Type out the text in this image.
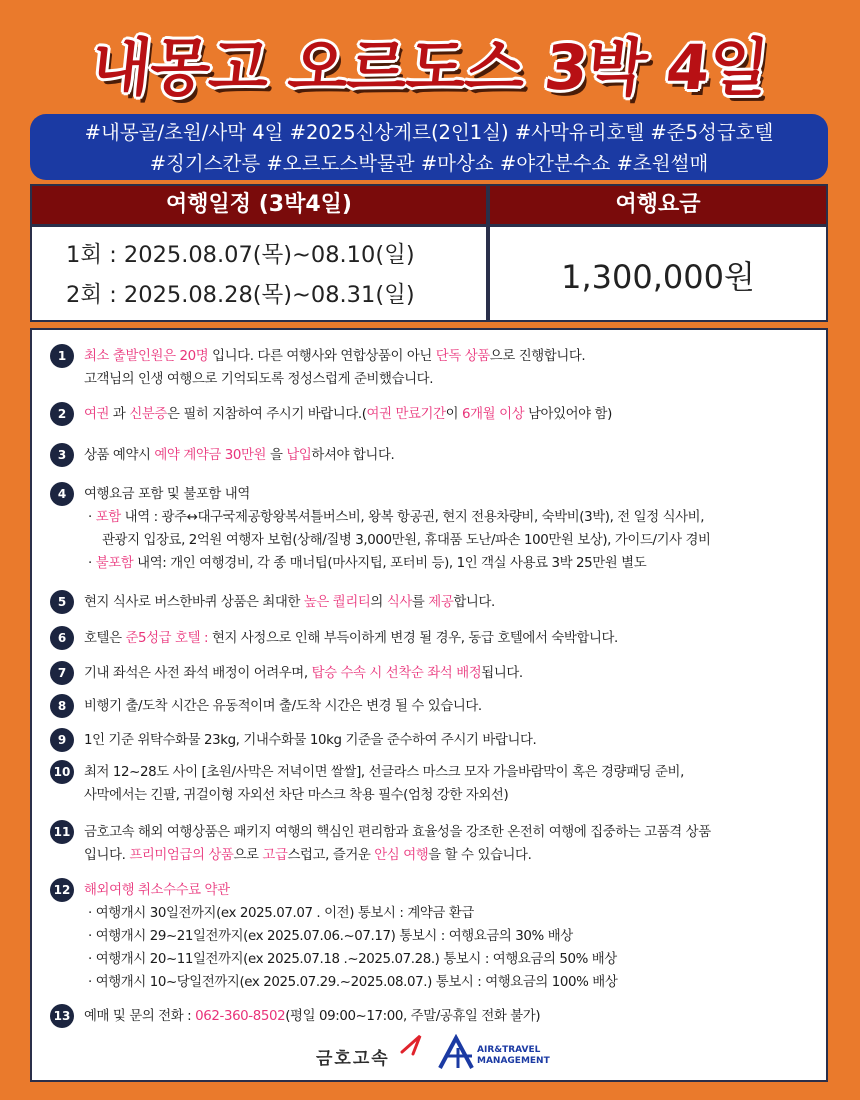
내몽고 오르도스 3박 4일
#내몽골/초원/사막 4일 #2025신상게르(2인1실) #사막유리호텔 #준5성급호텔
#징기스칸릉 #오르도스박물관 #마상쇼 #야간분수쇼 #초원썰매
여행일정 (3박4일)	여행요금
1회 : 2025.08.07(목)~08.10(일)
2회 : 2025.08.28(목)~08.31(일)	1,300,000원
1	최소 출발인원은 20명 입니다. 다른 여행사와 연합상품이 아닌 단독 상품으로 진행합니다.
고객님의 인생 여행으로 기억되도록 정성스럽게 준비했습니다.
2	여권 과 신분증은 필히 지참하여 주시기 바랍니다.(여권 만료기간이 6개월 이상 남아있어야 함)
3	상품 예약시 예약 계약금 30만원 을 납입하셔야 합니다.
4	여행요금 포함 및 불포함 내역
· 포함 내역 : 광주↔대구국제공항왕복셔틀버스비, 왕복 항공권, 현지 전용차량비, 숙박비(3박), 전 일정 식사비,
관광지 입장료, 2억원 여행자 보험(상해/질병 3,000만원, 휴대품 도난/파손 100만원 보상), 가이드/기사 경비
· 불포함 내역: 개인 여행경비, 각 종 매너팁(마사지팁, 포터비 등), 1인 객실 사용료 3박 25만원 별도
5	현지 식사로 버스한바퀴 상품은 최대한 높은 퀄리티의 식사를 제공합니다.
6	호텔은 준5성급 호텔 : 현지 사정으로 인해 부득이하게 변경 될 경우, 동급 호텔에서 숙박합니다.
7	기내 좌석은 사전 좌석 배정이 어려우며, 탑승 수속 시 선착순 좌석 배정됩니다.
8	비행기 출/도착 시간은 유동적이며 출/도착 시간은 변경 될 수 있습니다.
9	1인 기준 위탁수화물 23kg, 기내수화물 10kg 기준을 준수하여 주시기 바랍니다.
10 최저 12~28도 사이 [초원/사막은 저녁이면 쌀쌀], 선글라스 마스크 모자 가을바람막이 혹은 경량패딩 준비,
사막에서는 긴팔, 귀걸이형 자외선 차단 마스크 착용 필수(엄청 강한 자외선)
11 금호고속 해외 여행상품은 패키지 여행의 핵심인 편리함과 효율성을 강조한 온전히 여행에 집중하는 고품격 상품
입니다. 프리미엄급의 상품으로 고급스럽고, 즐거운 안심 여행을 할 수 있습니다.
12 해외여행 취소수수료 약관
· 여행개시 30일전까지(ex 2025.07.07 . 이전) 통보시 : 계약금 환급
· 여행개시 29~21일전까지(ex 2025.07.06.~07.17) 통보시 : 여행요금의 30% 배상
· 여행개시 20~11일전까지(ex 2025.07.18 .~2025.07.28.) 통보시 : 여행요금의 50% 배상
· 여행개시 10~당일전까지(ex 2025.07.29.~2025.08.07.) 통보시 : 여행요금의 100% 배상
13 예매 및 문의 전화 : 062-360-8502(평일 09:00~17:00, 주말/공휴일 전화 불가)
금호고속	AIR&TRAVEL
MANAGEMENT
